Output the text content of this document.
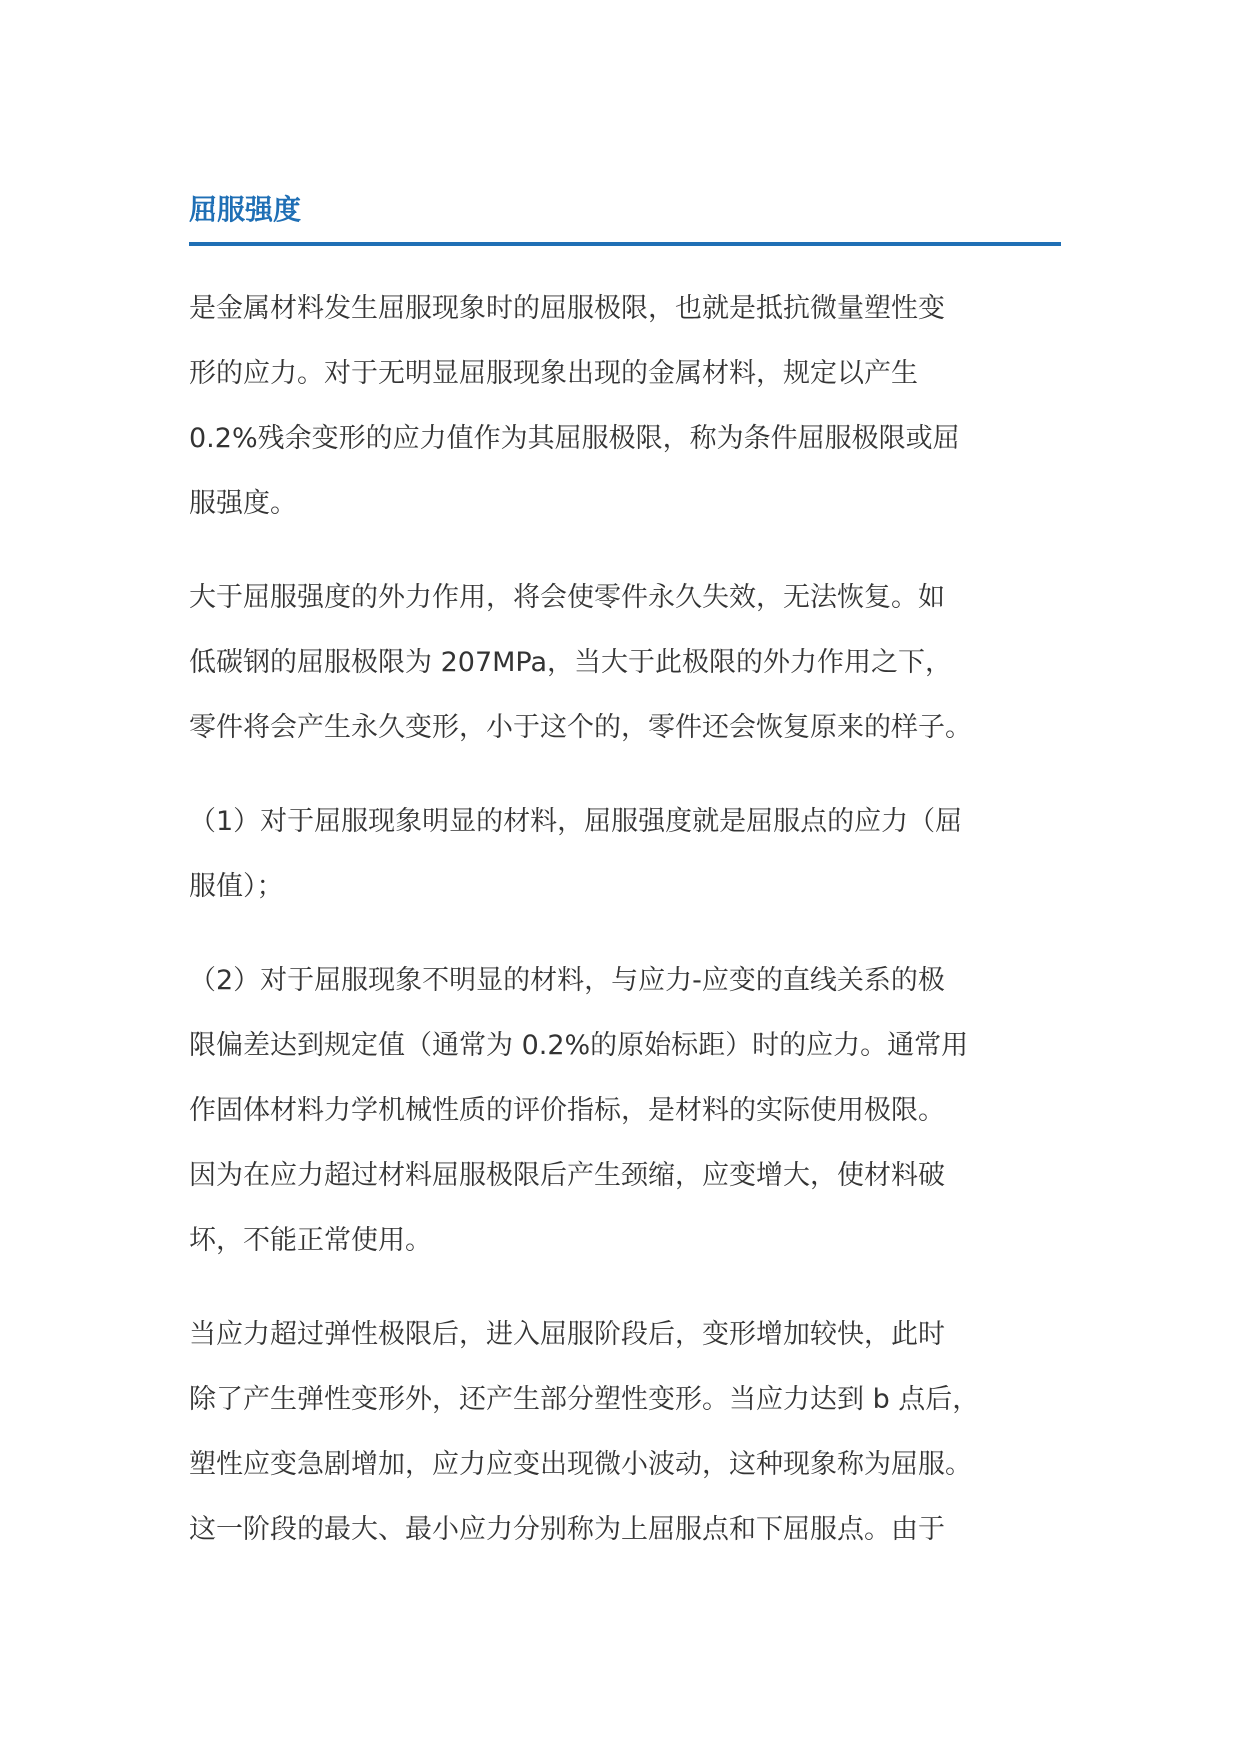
屈服强度

是金属材料发生屈服现象时的屈服极限，也就是抵抗微量塑性变
形的应力。对于无明显屈服现象出现的金属材料，规定以产生
0.2%残余变形的应力值作为其屈服极限，称为条件屈服极限或屈
服强度。

大于屈服强度的外力作用，将会使零件永久失效，无法恢复。如
低碳钢的屈服极限为 207MPa，当大于此极限的外力作用之下，
零件将会产生永久变形，小于这个的，零件还会恢复原来的样子。

（1）对于屈服现象明显的材料，屈服强度就是屈服点的应力（屈
服值）；

（2）对于屈服现象不明显的材料，与应力-应变的直线关系的极
限偏差达到规定值（通常为 0.2%的原始标距）时的应力。通常用
作固体材料力学机械性质的评价指标，是材料的实际使用极限。
因为在应力超过材料屈服极限后产生颈缩，应变增大，使材料破
坏，不能正常使用。

当应力超过弹性极限后，进入屈服阶段后，变形增加较快，此时
除了产生弹性变形外，还产生部分塑性变形。当应力达到 b 点后，
塑性应变急剧增加，应力应变出现微小波动，这种现象称为屈服。
这一阶段的最大、最小应力分别称为上屈服点和下屈服点。由于
